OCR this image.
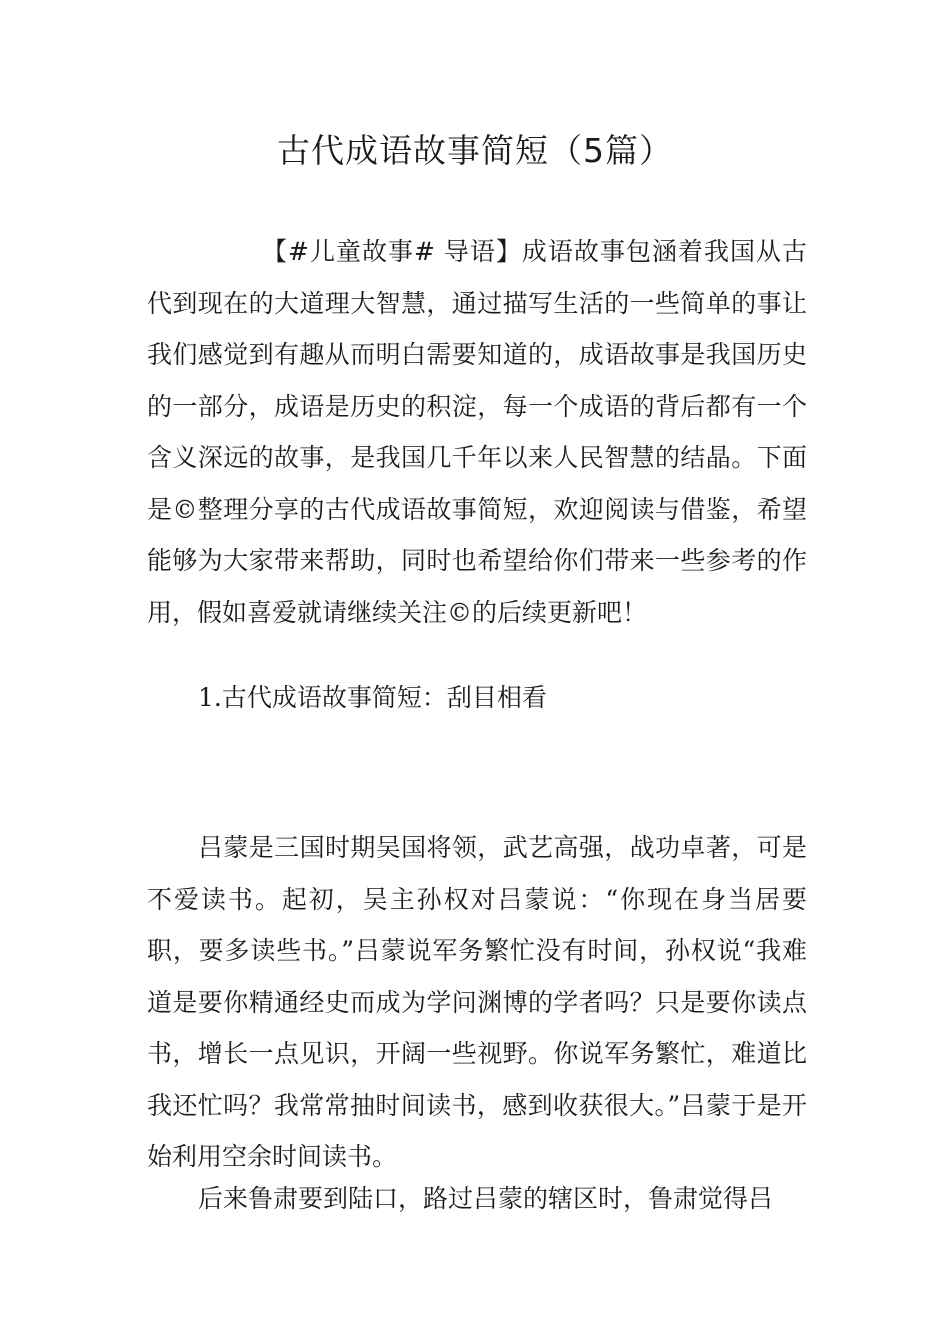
古代成语故事简短（5篇）

【#儿童故事# 导语】成语故事包涵着我国从古代到现在的大道理大智慧，通过描写生活的一些简单的事让我们感觉到有趣从而明白需要知道的，成语故事是我国历史的一部分，成语是历史的积淀，每一个成语的背后都有一个含义深远的故事，是我国几千年以来人民智慧的结晶。下面是©整理分享的古代成语故事简短，欢迎阅读与借鉴，希望能够为大家带来帮助，同时也希望给你们带来一些参考的作用，假如喜爱就请继续关注©的后续更新吧！

1.古代成语故事简短：刮目相看

吕蒙是三国时期吴国将领，武艺高强，战功卓著，可是不爱读书。起初，吴主孙权对吕蒙说：“你现在身当居要职，要多读些书。”吕蒙说军务繁忙没有时间，孙权说“我难道是要你精通经史而成为学问渊博的学者吗？只是要你读点书，增长一点见识，开阔一些视野。你说军务繁忙，难道比我还忙吗？我常常抽时间读书，感到收获很大。”吕蒙于是开始利用空余时间读书。

后来鲁肃要到陆口，路过吕蒙的辖区时，鲁肃觉得吕
